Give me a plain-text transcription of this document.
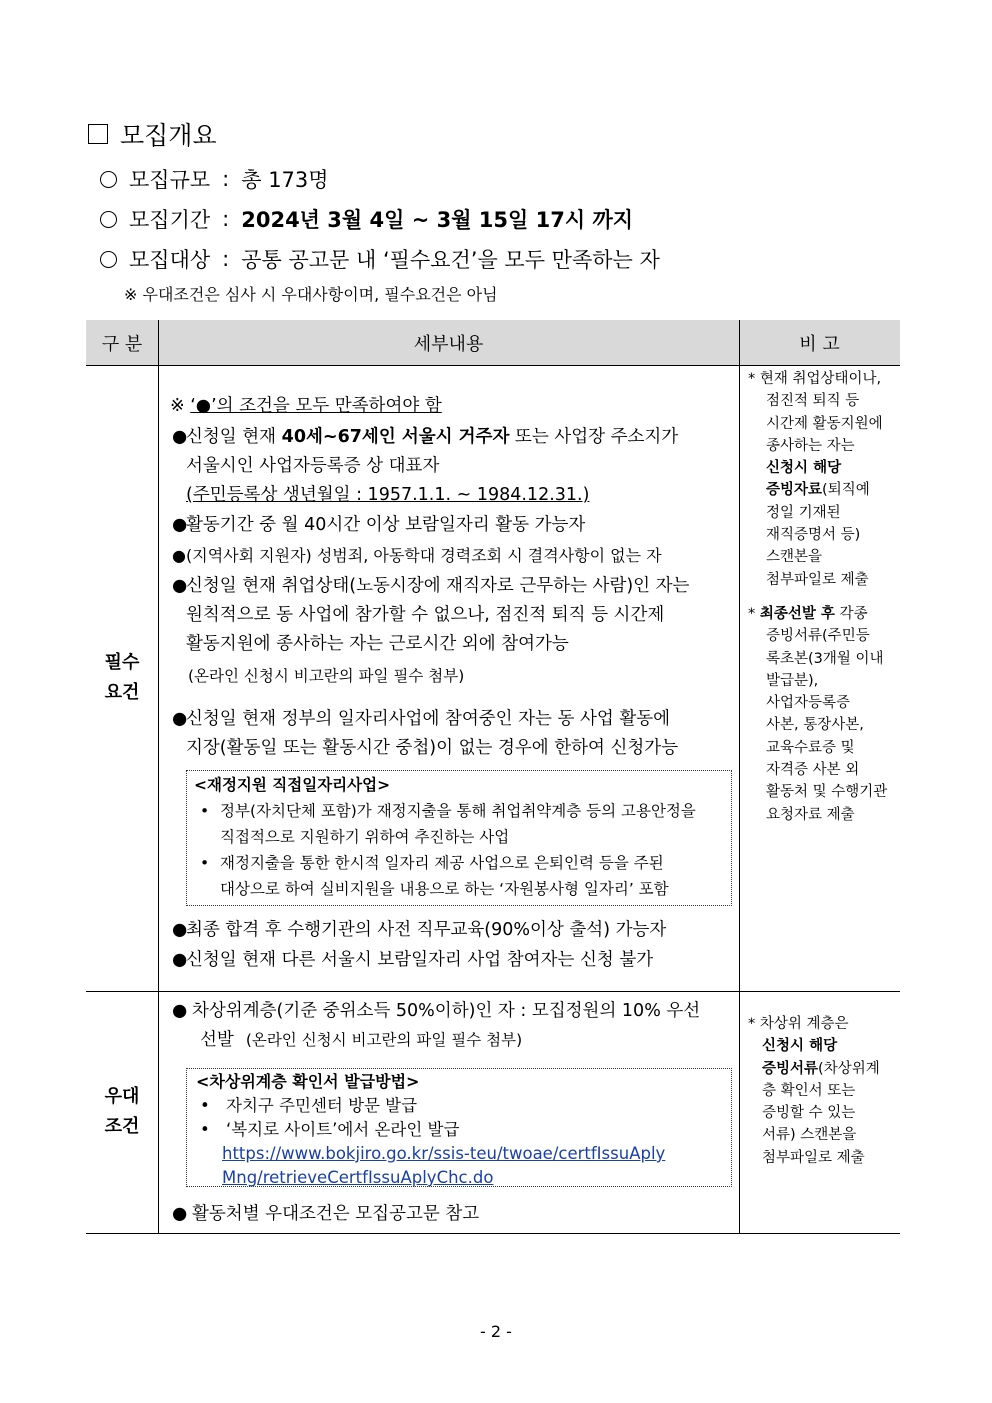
모집개요
모집규모 : 총 173명
모집기간 : 2024년 3월 4일 ~ 3월 15일 17시 까지
모집대상 : 공통 공고문 내 ‘필수요건’을 모두 만족하는 자
※ 우대조건은 심사 시 우대사항이며, 필수요건은 아님
구 분	세부내용	비 고
필수
요건
우대
조건
※ ‘●’의 조건을 모두 만족하여야 함
●
신청일 현재 40세~67세인 서울시 거주자 또는 사업장 주소지가
서울시인 사업자등록증 상 대표자
(주민등록상 생년월일 : 1957.1.1. ~ 1984.12.31.)
●
활동기간 중 월 40시간 이상 보람일자리 활동 가능자
● (지역사회 지원자) 성범죄, 아동학대 경력조회 시 결격사항이 없는 자
●
신청일 현재 취업상태(노동시장에 재직자로 근무하는 사람)인 자는
원칙적으로 동 사업에 참가할 수 없으나, 점진적 퇴직 등 시간제
활동지원에 종사하는 자는 근로시간 외에 참여가능
(온라인 신청시 비고란의 파일 필수 첨부)
●
신청일 현재 정부의 일자리사업에 참여중인 자는 동 사업 활동에
지장(활동일 또는 활동시간 중첩)이 없는 경우에 한하여 신청가능
<재정지원 직접일자리사업>
• 정부(자치단체 포함)가 재정지출을 통해 취업취약계층 등의 고용안정을
직접적으로 지원하기 위하여 추진하는 사업
• 재정지출을 통한 한시적 일자리 제공 사업으로 은퇴인력 등을 주된
대상으로 하여 실비지원을 내용으로 하는 ‘자원봉사형 일자리’ 포함
●
최종 합격 후 수행기관의 사전 직무교육(90%이상 출석) 가능자
●
신청일 현재 다른 서울시 보람일자리 사업 참여자는 신청 불가
* 현재 취업상태이나,
점진적 퇴직 등
시간제 활동지원에
종사하는 자는
신청시 해당
증빙자료(퇴직예
정일 기재된
재직증명서 등)
스캔본을
첨부파일로 제출
* 최종선발 후 각종
증빙서류(주민등
록초본(3개월 이내
발급분),
사업자등록증
사본, 통장사본,
교육수료증 및
자격증 사본 외
활동처 및 수행기관
요청자료 제출
● 차상위계층(기준 중위소득 50%이하)인 자 : 모집정원의 10% 우선
선발 (온라인 신청시 비고란의 파일 필수 첨부)
<차상위계층 확인서 발급방법>
• 자치구 주민센터 방문 발급
• ‘복지로 사이트’에서 온라인 발급
https://www.bokjiro.go.kr/ssis-teu/twoae/certfIssuAply
Mng/retrieveCertfIssuAplyChc.do
● 활동처별 우대조건은 모집공고문 참고
* 차상위 계층은
신청시 해당
증빙서류(차상위계
층 확인서 또는
증빙할 수 있는
서류) 스캔본을
첨부파일로 제출
- 2 -
